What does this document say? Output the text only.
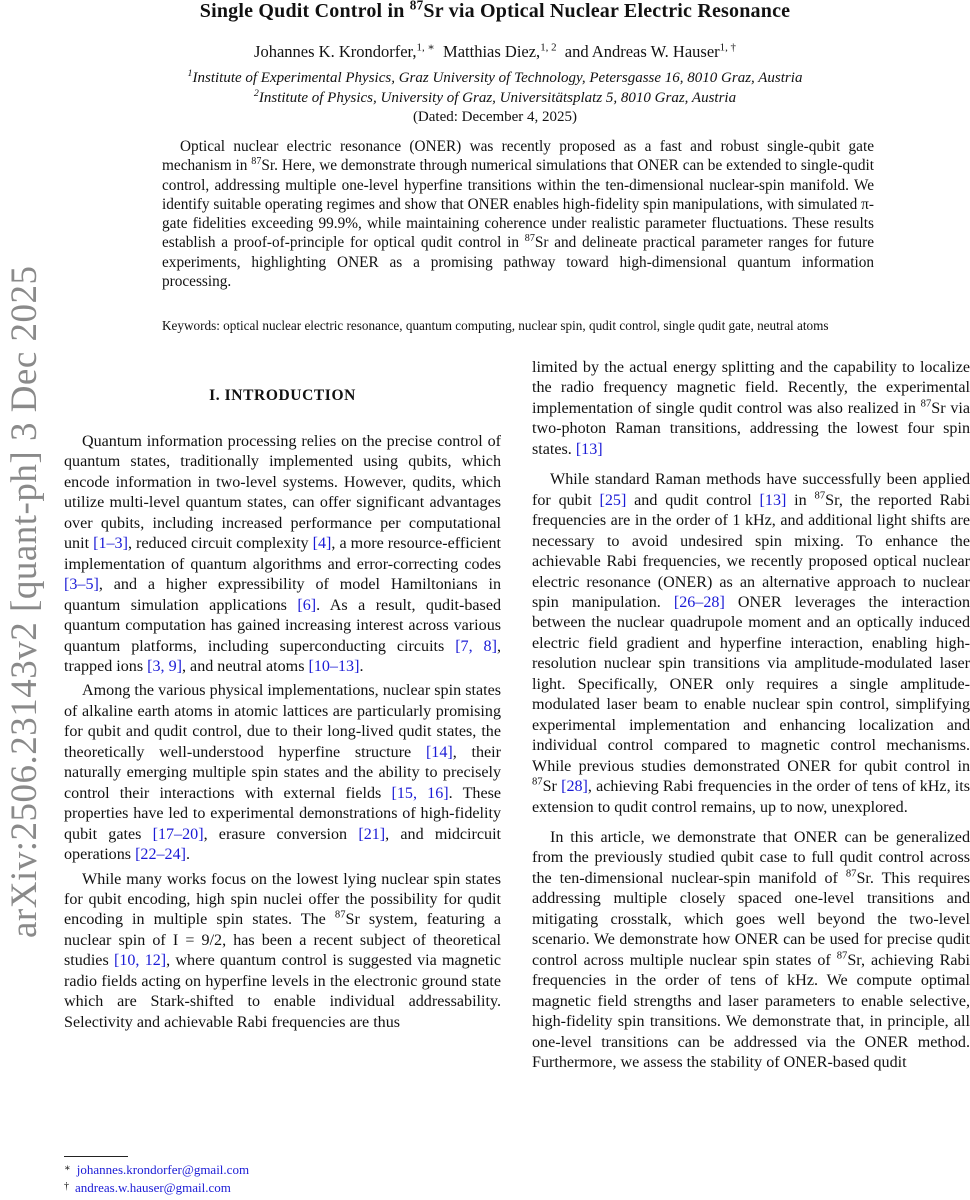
arXiv:2506.23143v2 [quant-ph] 3 Dec 2025
Single Qudit Control in $^{87}$Sr via Optical Nuclear Electric Resonance
Johannes K. Krondorfer,$^{1, ∗}$ Matthias Diez,$^{1, 2}$ and Andreas W. Hauser$^{1, \dagger}$
$^1$Institute of Experimental Physics, Graz University of Technology, Petersgasse 16, 8010 Graz, Austria
$^2$Institute of Physics, University of Graz, Universitätsplatz 5, 8010 Graz, Austria
(Dated: December 4, 2025)
Optical nuclear electric resonance (ONER) was recently proposed as a fast and robust single-qubit gate mechanism in $^{87}$Sr. Here, we demonstrate through numerical simulations that ONER can be extended to single-qudit control, addressing multiple one-level hyperfine transitions within the ten-dimensional nuclear-spin manifold. We identify suitable operating regimes and show that ONER enables high-fidelity spin manipulations, with simulated π-gate fidelities exceeding 99.9%, while maintaining coherence under realistic parameter fluctuations. These results establish a proof-of-principle for optical qudit control in $^{87}$Sr and delineate practical parameter ranges for future experiments, highlighting ONER as a promising pathway toward high-dimensional quantum information processing.
Keywords: optical nuclear electric resonance, quantum computing, nuclear spin, qudit control, single qudit gate, neutral atoms
I. INTRODUCTION

Quantum information processing relies on the precise control of quantum states, traditionally implemented using qubits, which encode information in two-level systems. However, qudits, which utilize multi-level quantum states, can offer significant advantages over qubits, including increased performance per computational unit [1–3], reduced circuit complexity [4], a more resource-efficient implementation of quantum algorithms and error-correcting codes [3–5], and a higher expressibility of model Hamiltonians in quantum simulation applications [6]. As a result, qudit-based quantum computation has gained increasing interest across various quantum platforms, including superconducting circuits [7, 8], trapped ions [3, 9], and neutral atoms [10–13].

Among the various physical implementations, nuclear spin states of alkaline earth atoms in atomic lattices are particularly promising for qubit and qudit control, due to their long-lived qudit states, the theoretically well-understood hyperfine structure [14], their naturally emerging multiple spin states and the ability to precisely control their interactions with external fields [15, 16]. These properties have led to experimental demonstrations of high-fidelity qubit gates [17–20], erasure conversion [21], and midcircuit operations [22–24].

While many works focus on the lowest lying nuclear spin states for qubit encoding, high spin nuclei offer the possibility for qudit encoding in multiple spin states. The $^{87}$Sr system, featuring a nuclear spin of I = 9/2, has been a recent subject of theoretical studies [10, 12], where quantum control is suggested via magnetic radio fields acting on hyperfine levels in the electronic ground state which are Stark-shifted to enable individual addressability. Selectivity and achievable Rabi frequencies are thus

limited by the actual energy splitting and the capability to localize the radio frequency magnetic field. Recently, the experimental implementation of single qudit control was also realized in $^{87}$Sr via two-photon Raman transitions, addressing the lowest four spin states. [13]

While standard Raman methods have successfully been applied for qubit [25] and qudit control [13] in $^{87}$Sr, the reported Rabi frequencies are in the order of 1 kHz, and additional light shifts are necessary to avoid undesired spin mixing. To enhance the achievable Rabi frequencies, we recently proposed optical nuclear electric resonance (ONER) as an alternative approach to nuclear spin manipulation. [26–28] ONER leverages the interaction between the nuclear quadrupole moment and an optically induced electric field gradient and hyperfine interaction, enabling high-resolution nuclear spin transitions via amplitude-modulated laser light. Specifically, ONER only requires a single amplitude-modulated laser beam to enable nuclear spin control, simplifying experimental implementation and enhancing localization and individual control compared to magnetic control mechanisms. While previous studies demonstrated ONER for qubit control in $^{87}$Sr [28], achieving Rabi frequencies in the order of tens of kHz, its extension to qudit control remains, up to now, unexplored.

In this article, we demonstrate that ONER can be generalized from the previously studied qubit case to full qudit control across the ten-dimensional nuclear-spin manifold of $^{87}$Sr. This requires addressing multiple closely spaced one-level transitions and mitigating crosstalk, which goes well beyond the two-level scenario. We demonstrate how ONER can be used for precise qudit control across multiple nuclear spin states of $^{87}$Sr, achieving Rabi frequencies in the order of tens of kHz. We compute optimal magnetic field strengths and laser parameters to enable selective, high-fidelity spin transitions. We demonstrate that, in principle, all one-level transitions can be addressed via the ONER method. Furthermore, we assess the stability of ONER-based qudit

∗ johannes.krondorfer@gmail.com
† andreas.w.hauser@gmail.com
